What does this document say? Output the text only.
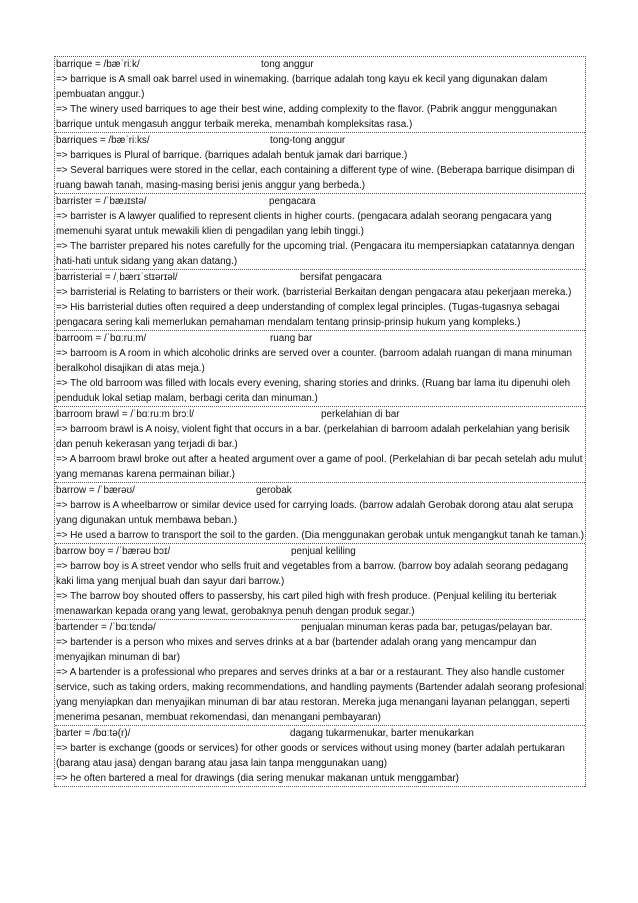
barrique = /bæˈriːk/	tong anggur

=> barrique is A small oak barrel used in winemaking. (barrique adalah tong kayu ek kecil yang digunakan dalam pembuatan anggur.)

=> The winery used barriques to age their best wine, adding complexity to the flavor. (Pabrik anggur menggunakan barrique untuk mengasuh anggur terbaik mereka, menambah kompleksitas rasa.)

barriques = /bæˈriːks/	tong-tong anggur

=> barriques is Plural of barrique. (barriques adalah bentuk jamak dari barrique.)

=> Several barriques were stored in the cellar, each containing a different type of wine. (Beberapa barrique disimpan di ruang bawah tanah, masing-masing berisi jenis anggur yang berbeda.)

barrister = /ˈbæɹɪstə/	pengacara

=> barrister is A lawyer qualified to represent clients in higher courts. (pengacara adalah seorang pengacara yang memenuhi syarat untuk mewakili klien di pengadilan yang lebih tinggi.)

=> The barrister prepared his notes carefully for the upcoming trial. (Pengacara itu mempersiapkan catatannya dengan hati-hati untuk sidang yang akan datang.)

barristerial = /ˌbærɪˈstɪərɪəl/	bersifat pengacara

=> barristerial is Relating to barristers or their work. (barristerial Berkaitan dengan pengacara atau pekerjaan mereka.)

=> His barristerial duties often required a deep understanding of complex legal principles. (Tugas-tugasnya sebagai pengacara sering kali memerlukan pemahaman mendalam tentang prinsip-prinsip hukum yang kompleks.)

barroom = /ˈbɑːruːm/	ruang bar

=> barroom is A room in which alcoholic drinks are served over a counter. (barroom adalah ruangan di mana minuman beralkohol disajikan di atas meja.)

=> The old barroom was filled with locals every evening, sharing stories and drinks. (Ruang bar lama itu dipenuhi oleh penduduk lokal setiap malam, berbagi cerita dan minuman.)

barroom brawl = /ˈbɑːruːm brɔːl/	perkelahian di bar

=> barroom brawl is A noisy, violent fight that occurs in a bar. (perkelahian di barroom adalah perkelahian yang berisik dan penuh kekerasan yang terjadi di bar.)

=> A barroom brawl broke out after a heated argument over a game of pool. (Perkelahian di bar pecah setelah adu mulut yang memanas karena permainan biliar.)

barrow = /ˈbærəʊ/	gerobak

=> barrow is A wheelbarrow or similar device used for carrying loads. (barrow adalah Gerobak dorong atau alat serupa yang digunakan untuk membawa beban.)

=> He used a barrow to transport the soil to the garden. (Dia menggunakan gerobak untuk mengangkut tanah ke taman.)

barrow boy = /ˈbærəʊ bɔɪ/	penjual keliling

=> barrow boy is A street vendor who sells fruit and vegetables from a barrow. (barrow boy adalah seorang pedagang kaki lima yang menjual buah dan sayur dari barrow.)

=> The barrow boy shouted offers to passersby, his cart piled high with fresh produce. (Penjual keliling itu berteriak menawarkan kepada orang yang lewat, gerobaknya penuh dengan produk segar.)

bartender = /ˈbɑːtɛndə/	penjualan minuman keras pada bar, petugas/pelayan bar.

=> bartender is a person who mixes and serves drinks at a bar (bartender adalah orang yang mencampur dan menyajikan minuman di bar)

=> A bartender is a professional who prepares and serves drinks at a bar or a restaurant. They also handle customer service, such as taking orders, making recommendations, and handling payments (Bartender adalah seorang profesional yang menyiapkan dan menyajikan minuman di bar atau restoran. Mereka juga menangani layanan pelanggan, seperti menerima pesanan, membuat rekomendasi, dan menangani pembayaran)

barter = /bɑːtə(r)/	dagang tukarmenukar, barter menukarkan

=> barter is exchange (goods or services) for other goods or services without using money (barter adalah pertukaran (barang atau jasa) dengan barang atau jasa lain tanpa menggunakan uang)

=> he often bartered a meal for drawings (dia sering menukar makanan untuk menggambar)
